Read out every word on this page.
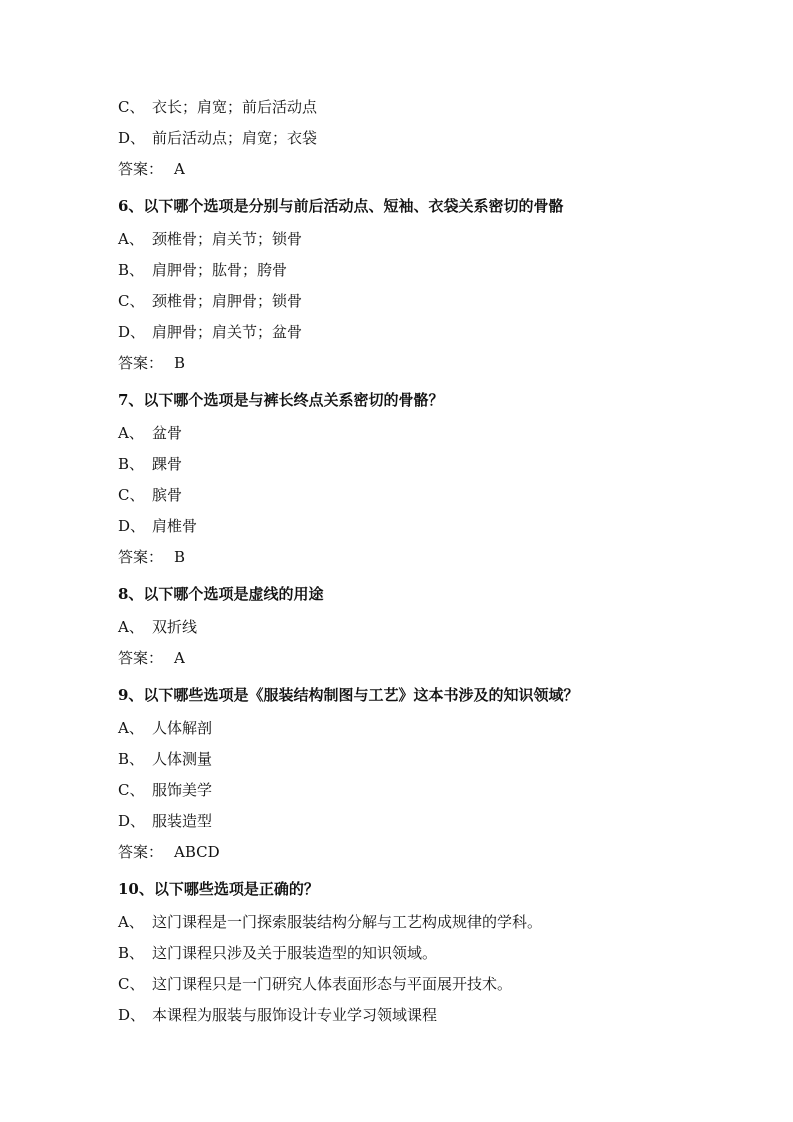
C、 衣长；肩宽；前后活动点
D、 前后活动点；肩宽；衣袋
答案： A
6、以下哪个选项是分别与前后活动点、短袖、衣袋关系密切的骨骼
A、 颈椎骨；肩关节；锁骨
B、 肩胛骨；肱骨；胯骨
C、 颈椎骨；肩胛骨；锁骨
D、 肩胛骨；肩关节；盆骨
答案： B
7、以下哪个选项是与裤长终点关系密切的骨骼？
A、 盆骨
B、 踝骨
C、 膑骨
D、 肩椎骨
答案： B
8、以下哪个选项是虚线的用途
A、 双折线
答案： A
9、以下哪些选项是《服装结构制图与工艺》这本书涉及的知识领域？
A、 人体解剖
B、 人体测量
C、 服饰美学
D、 服装造型
答案： ABCD
10、以下哪些选项是正确的？
A、 这门课程是一门探索服装结构分解与工艺构成规律的学科。
B、 这门课程只涉及关于服装造型的知识领域。
C、 这门课程只是一门研究人体表面形态与平面展开技术。
D、 本课程为服装与服饰设计专业学习领域课程
